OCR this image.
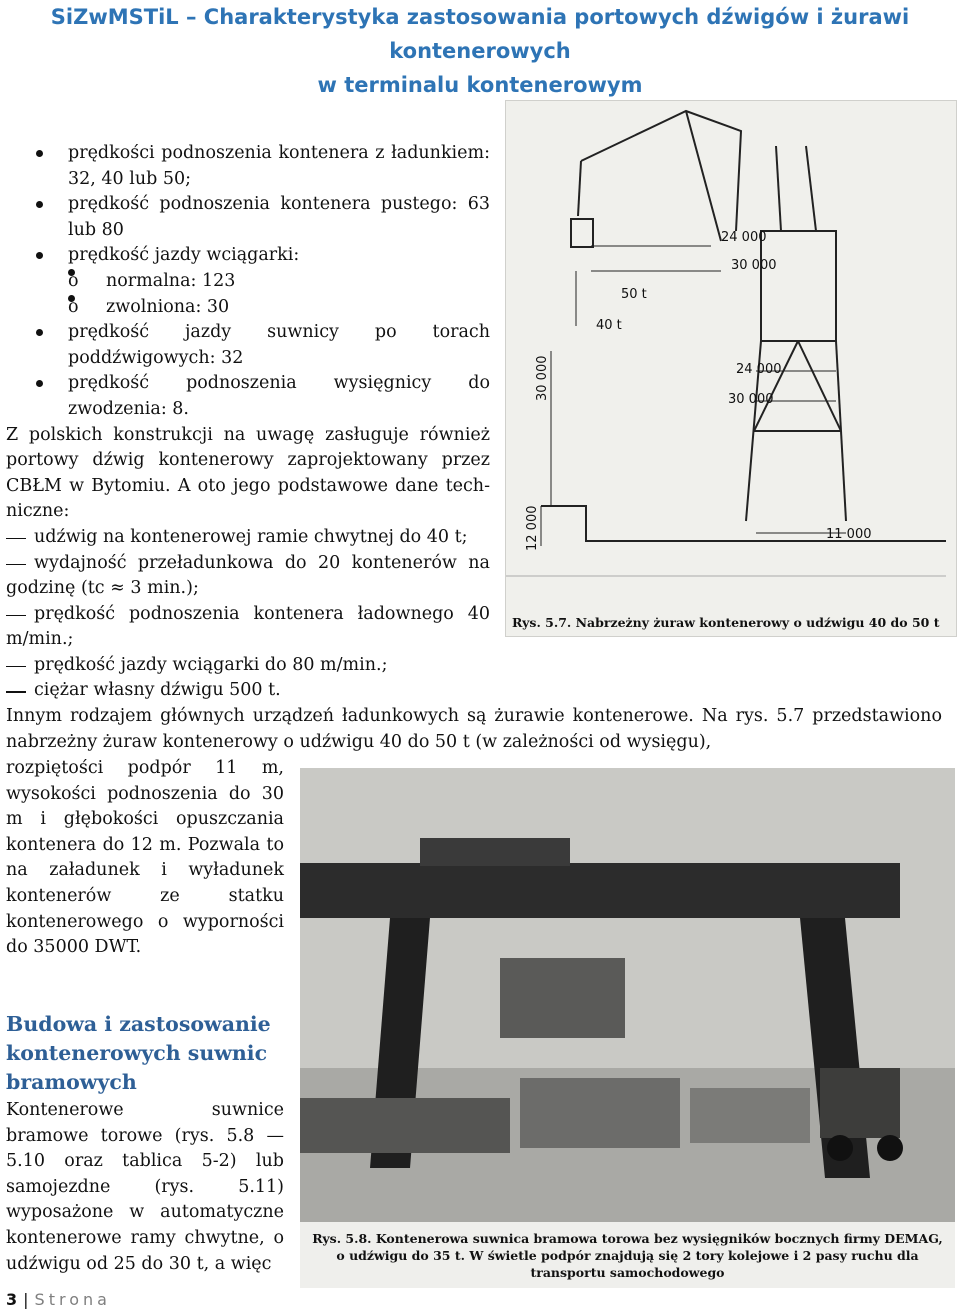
SiZwMSTiL – Charakterystyka zastosowania portowych dźwigów i żurawi kontenerowych
w terminalu kontenerowym
prędkości podnoszenia kontenera z ładunkiem: 32, 40 lub 50;
prędkość podnoszenia kontenera pustego: 63 lub 80
prędkość jazdy wciągarki:
o normalna: 123
o zwolniona: 30
prędkość jazdy suwnicy po torach poddźwigowych: 32
prędkość podnoszenia wysięgnicy do zwodzenia: 8.

Z polskich konstrukcji na uwagę zasługuje również portowy dźwig kontenerowy zaprojektowany przez CBŁM w Bytomiu. A oto jego podstawowe dane tech-niczne:

udźwig na kontenerowej ramie chwytnej do 40 t;
wydajność przeładunkowa do 20 kontenerów na godzinę (tc ≈ 3 min.);
prędkość podnoszenia kontenera ładownego 40 m/min.;
prędkość jazdy wciągarki do 80 m/min.;
ciężar własny dźwigu 500 t.
24 000
30 000
50 t
40 t
24 000
30 000
30 000
11 000
12 000
Rys. 5.7. Nabrzeżny żuraw kontenerowy o udźwigu 40 do 50 t

Innym rodzajem głównych urządzeń ładunkowych są żurawie kontenerowe. Na rys. 5.7 przedstawiono nabrzeżny żuraw kontenerowy o udźwigu 40 do 50 t (w zależności od wysięgu),

rozpiętości podpór 11 m, wysokości podnoszenia do 30 m i głębokości opuszczania kontenera do 12 m. Pozwala to na załadunek i wyładunek kontenerów ze statku kontenerowego o wyporności do 35000 DWT.

Rys. 5.8. Kontenerowa suwnica bramowa torowa bez wysięgników bocznych firmy DEMAG, o udźwigu do 35 t. W świetle podpór znajdują się 2 tory kolejowe i 2 pasy ruchu dla transportu samochodowego
Budowa i zastosowanie kontenerowych suwnic bramowych

Kontenerowe suwnice bramowe torowe (rys. 5.8 — 5.10 oraz tablica 5-2) lub samojezdne (rys. 5.11) wyposażone w automatyczne kontenerowe ramy chwytne, o udźwigu od 25 do 30 t, a więc

3 | Strona
